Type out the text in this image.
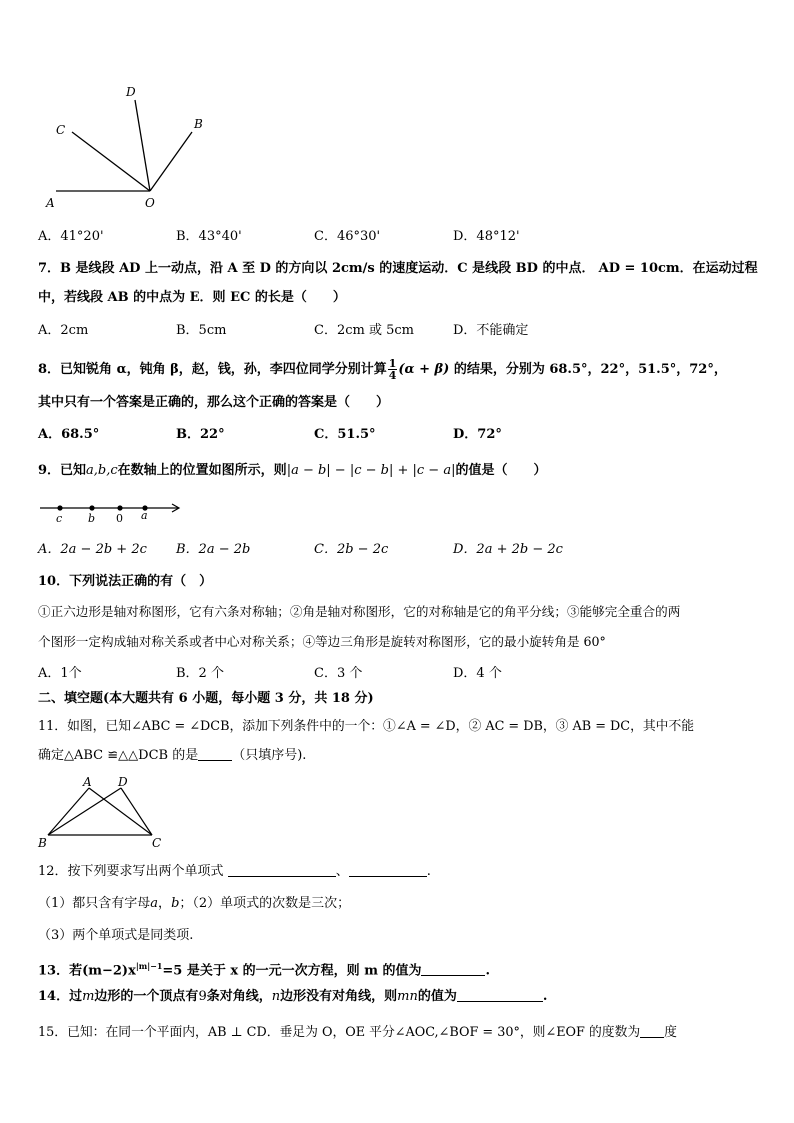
A	O
C
D
B
A．41°20'	B．43°40'	C．46°30'	D．48°12'
7．B 是线段 AD 上一动点，沿 A 至 D 的方向以 2cm/s 的速度运动．C 是线段 BD 的中点． AD = 10cm．在运动过程
中，若线段 AB 的中点为 E．则 EC 的长是（　　）
A．2cm	B．5cm	C．2cm 或 5cm	D．不能确定
8．已知锐角 α，钝角 β，赵，钱，孙，李四位同学分别计算 $\frac{1}{4} (\alpha + \beta)$ 的结果，分别为 68.5°，22°，51.5°，72°，
其中只有一个答案是正确的，那么这个正确的答案是（　　）
A．68.5°	B．22°	C．51.5°	D．72°
9．已知a,b,c在数轴上的位置如图所示，则|a − b| − |c − b| + |c − a|的值是（　　）
c b 0 a
A．2a − 2b + 2c B．2a − 2b	C．2b − 2c	D．2a + 2b − 2c
10．下列说法正确的有（　）
①正六边形是轴对称图形，它有六条对称轴；②角是轴对称图形，它的对称轴是它的角平分线；③能够完全重合的两
个图形一定构成轴对称关系或者中心对称关系；④等边三角形是旋转对称图形，它的最小旋转角是 60°
A．1个	B．2 个	C．3 个	D．4 个
二、填空题(本大题共有 6 小题，每小题 3 分，共 18 分)
11．如图，已知∠ABC = ∠DCB，添加下列条件中的一个：①∠A = ∠D，② AC = DB，③ AB = DC，其中不能
确定△ABC ≌△△DCB 的是	（只填序号).
A D
B	C
12．按下列要求写出两个单项式	、	.
（1）都只含有字母a，b；（2）单项式的次数是三次；
（3）两个单项式是同类项.
13．若$(m-2)x^{|m|-1}=5$ 是关于 x 的一元一次方程，则 m 的值为	.
14．过m边形的一个顶点有9条对角线，n边形没有对角线，则mn的值为	.
15．已知：在同一个平面内，AB ⊥ CD．垂足为 O，OE 平分∠AOC,∠BOF = 30°，则∠EOF 的度数为 度
